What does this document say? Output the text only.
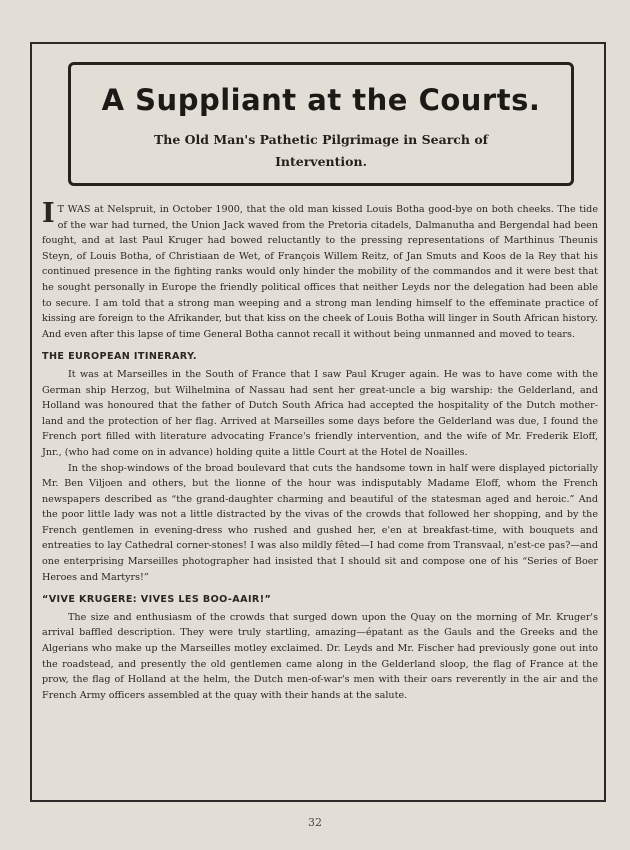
A Suppliant at the Courts.
The Old Man's Pathetic Pilgrimage in Search of Intervention.

I T WAS at Nelspruit, in October 1900, that the old man kissed Louis Botha good-bye on both cheeks. The tide of the war had turned, the Union Jack waved from the Pretoria citadels, Dalmanutha and Bergendal had been fought, and at last Paul Kruger had bowed reluctantly to the pressing representations of Marthinus Theunis Steyn, of Louis Botha, of Christiaan de Wet, of François Willem Reitz, of Jan Smuts and Koos de la Rey that his continued presence in the fighting ranks would only hinder the mobility of the commandos and it were best that he sought personally in Europe the friendly political offices that neither Leyds nor the delegation had been able to secure. I am told that a strong man weeping and a strong man lending himself to the effeminate practice of kissing are foreign to the Afrikander, but that kiss on the cheek of Louis Botha will linger in South African history. And even after this lapse of time General Botha cannot recall it without being unmanned and moved to tears.

THE EUROPEAN ITINERARY.

It was at Marseilles in the South of France that I saw Paul Kruger again. He was to have come with the German ship Herzog, but Wilhelmina of Nassau had sent her great-uncle a big warship: the Gelderland, and Holland was honoured that the father of Dutch South Africa had accepted the hospitality of the Dutch mother-land and the protection of her flag. Arrived at Marseilles some days before the Gelderland was due, I found the French port filled with literature advocating France's friendly intervention, and the wife of Mr. Frederik Eloff, Jnr., (who had come on in advance) holding quite a little Court at the Hotel de Noailles.

In the shop-windows of the broad boulevard that cuts the handsome town in half were displayed pictorially Mr. Ben Viljoen and others, but the lionne of the hour was indisputably Madame Eloff, whom the French newspapers described as “the grand-daughter charming and beautiful of the statesman aged and heroic.” And the poor little lady was not a little distracted by the vivas of the crowds that followed her shopping, and by the French gentlemen in evening-dress who rushed and gushed her, e'en at breakfast-time, with bouquets and entreaties to lay Cathedral corner-stones! I was also mildly fêted—I had come from Transvaal, n'est-ce pas?—and one enterprising Marseilles photographer had insisted that I should sit and compose one of his “Series of Boer Heroes and Martyrs!”

“VIVE KRUGERE: VIVES LES BOO-AAIR!”

The size and enthusiasm of the crowds that surged down upon the Quay on the morning of Mr. Kruger's arrival baffled description. They were truly startling, amazing—épatant as the Gauls and the Greeks and the Algerians who make up the Marseilles motley exclaimed. Dr. Leyds and Mr. Fischer had previously gone out into the roadstead, and presently the old gentlemen came along in the Gelderland sloop, the flag of France at the prow, the flag of Holland at the helm, the Dutch men-of-war's men with their oars reverently in the air and the French Army officers assembled at the quay with their hands at the salute.

32
